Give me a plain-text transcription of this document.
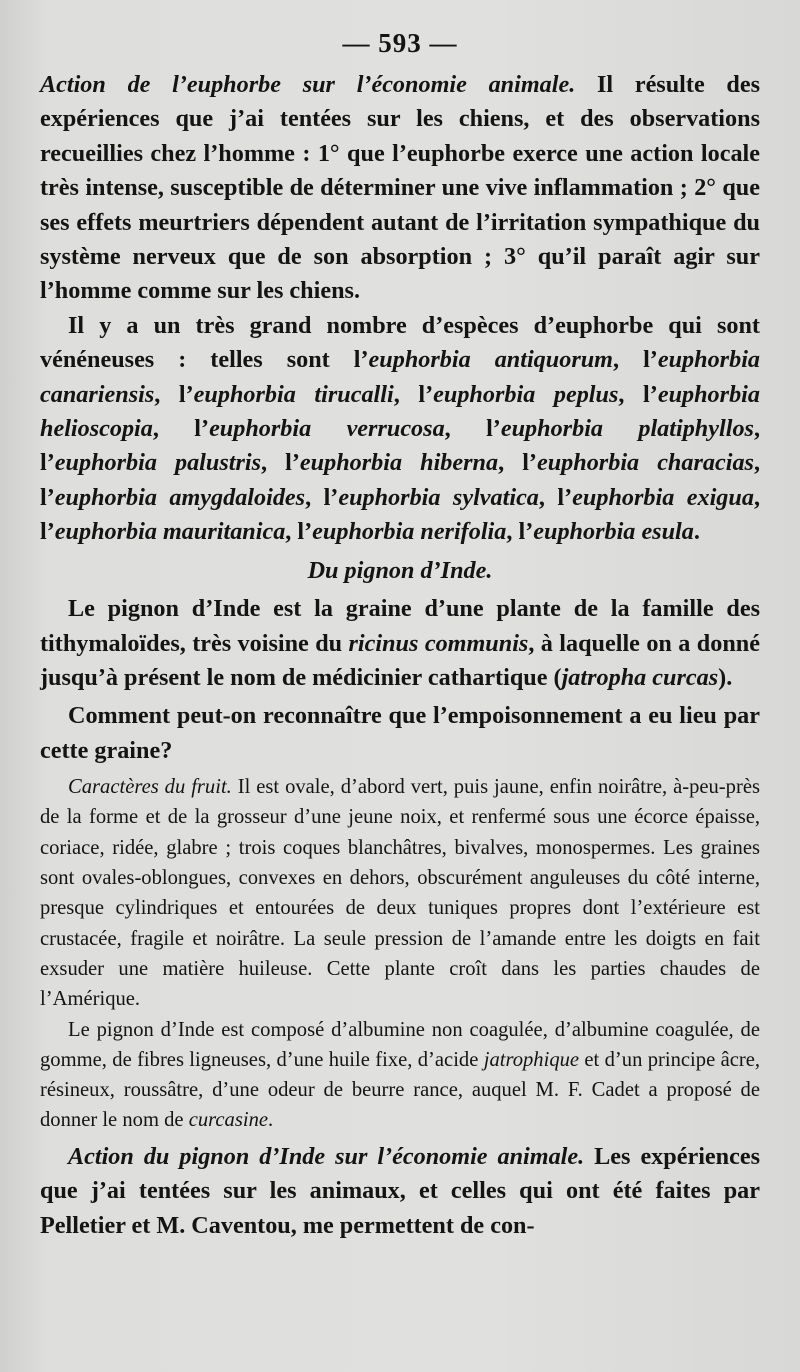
— 593 —

Action de l’euphorbe sur l’économie animale. Il résulte des expériences que j’ai tentées sur les chiens, et des observations recueillies chez l’homme : 1° que l’euphorbe exerce une action locale très intense, susceptible de déterminer une vive inflammation ; 2° que ses effets meurtriers dépendent autant de l’irritation sympathique du système nerveux que de son absorption ; 3° qu’il paraît agir sur l’homme comme sur les chiens.

Il y a un très grand nombre d’espèces d’euphorbe qui sont vénéneuses : telles sont l’euphorbia antiquorum, l’euphorbia canariensis, l’euphorbia tirucalli, l’euphorbia peplus, l’euphorbia helioscopia, l’euphorbia verrucosa, l’euphorbia platiphyllos, l’euphorbia palustris, l’euphorbia hiberna, l’euphorbia characias, l’euphorbia amygdaloides, l’euphorbia sylvatica, l’euphorbia exigua, l’euphorbia mauritanica, l’euphorbia nerifolia, l’euphorbia esula.

Du pignon d’Inde.

Le pignon d’Inde est la graine d’une plante de la famille des tithymaloïdes, très voisine du ricinus communis, à laquelle on a donné jusqu’à présent le nom de médicinier cathartique (jatropha curcas).

Comment peut-on reconnaître que l’empoisonnement a eu lieu par cette graine?

Caractères du fruit. Il est ovale, d’abord vert, puis jaune, enfin noirâtre, à-peu-près de la forme et de la grosseur d’une jeune noix, et renfermé sous une écorce épaisse, coriace, ridée, glabre ; trois coques blanchâtres, bivalves, monospermes. Les graines sont ovales-oblongues, convexes en dehors, obscurément anguleuses du côté interne, presque cylindriques et entourées de deux tuniques propres dont l’extérieure est crustacée, fragile et noirâtre. La seule pression de l’amande entre les doigts en fait exsuder une matière huileuse. Cette plante croît dans les parties chaudes de l’Amérique.

Le pignon d’Inde est composé d’albumine non coagulée, d’albumine coagulée, de gomme, de fibres ligneuses, d’une huile fixe, d’acide jatrophique et d’un principe âcre, résineux, roussâtre, d’une odeur de beurre rance, auquel M. F. Cadet a proposé de donner le nom de curcasine.

Action du pignon d’Inde sur l’économie animale. Les expériences que j’ai tentées sur les animaux, et celles qui ont été faites par Pelletier et M. Caventou, me permettent de con-
